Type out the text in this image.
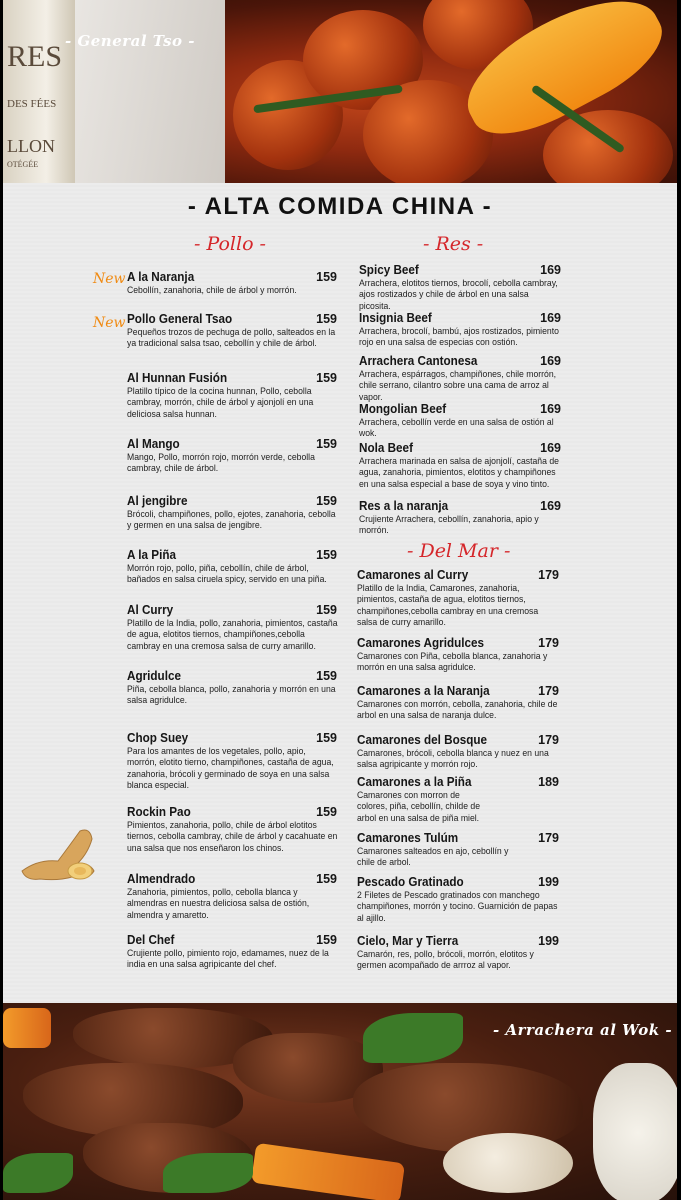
RES
DES FÉES
LLON
OTÉGÉE
- General Tso -
- ALTA COMIDA CHINA -
- Pollo -	- Res -
- Del Mar -
New
New
A la Naranja	159
Cebollín, zanahoria, chile de árbol y morrón.
Pollo General Tsao	159
Pequeños trozos de pechuga de pollo, salteados en la ya tradicional salsa tsao, cebollín y chile de árbol.
Al Hunnan Fusión	159
Platillo típico de la cocina hunnan, Pollo, cebolla cambray, morrón, chile de árbol y ajonjolí en una deliciosa salsa hunnan.
Al Mango	159
Mango, Pollo, morrón rojo, morrón verde, cebolla cambray, chile de árbol.
Al jengibre	159
Brócoli, champiñones, pollo, ejotes, zanahoria, cebolla y germen en una salsa de jengibre.
A la Piña	159
Morrón rojo, pollo, piña, cebollín, chile de árbol, bañados en salsa ciruela spicy, servido en una piña.
Al Curry	159
Platillo de la India, pollo, zanahoria, pimientos, castaña de agua, elotitos tiernos, champiñones,cebolla cambray en una cremosa salsa de curry amarillo.
Agridulce	159
Piña, cebolla blanca, pollo, zanahoria y morrón en una salsa agridulce.
Chop Suey	159
Para los amantes de los vegetales, pollo, apio, morrón, elotito tierno, champiñones, castaña de agua, zanahoria, brócoli y germinado de soya en una salsa blanca especial.
Rockin Pao	159
Pimientos, zanahoria, pollo, chile de árbol elotitos tiernos, cebolla cambray, chile de árbol y cacahuate en una salsa que nos enseñaron los chinos.
Almendrado	159
Zanahoria, pimientos, pollo, cebolla blanca y almendras en nuestra deliciosa salsa de ostión, almendra y amaretto.
Del Chef	159
Crujiente pollo, pimiento rojo, edamames, nuez de la india en una salsa agripicante del chef.
Spicy Beef	169
Arrachera, elotitos tiernos, brocolí, cebolla cambray, ajos rostizados y chile de árbol en una salsa picosita.
Insignia Beef	169
Arrachera, brocolí, bambú, ajos rostizados, pimiento rojo en una salsa de especias con ostión.
Arrachera Cantonesa	169
Arrachera, espárragos, champiñones, chile morrón, chile serrano, cilantro sobre una cama de arroz al vapor.
Mongolian Beef	169
Arrachera, cebollín verde en una salsa de ostión al wok.
Nola Beef	169
Arrachera marinada en salsa de ajonjolí, castaña de agua, zanahoria, pimientos, elotitos y champiñones en una salsa especial a base de soya y vino tinto.
Res a la naranja	169
Crujiente Arrachera, cebollín, zanahoria, apio y morrón.
Camarones al Curry	179
Platillo de la India, Camarones, zanahoria, pimientos, castaña de agua, elotitos tiernos, champiñones,cebolla cambray en una cremosa salsa de curry amarillo.
Camarones Agridulces	179
Camarones con Piña, cebolla blanca, zanahoria y morrón en una salsa agridulce.
Camarones a la Naranja	179
Camarones con morrón, cebolla, zanahoria, chile de arbol en una salsa de naranja dulce.
Camarones del Bosque	179
Camarones, brócoli, cebolla blanca y nuez en una salsa agripicante y morrón rojo.
Camarones a la Piña	189
Camarones con morron de colores, piña, cebollín, childe de arbol en una salsa de piña miel.
Camarones Tulúm	179
Camarones salteados en ajo, cebollín y chile de arbol.
Pescado Gratinado	199
2 Filetes de Pescado gratinados con manchego champiñones, morrón y tocino. Guarnición de papas al ajillo.
Cielo, Mar y Tierra	199
Camarón, res, pollo, brócoli, morrón, elotitos y germen acompañado de arrroz al vapor.
- Arrachera al Wok -
